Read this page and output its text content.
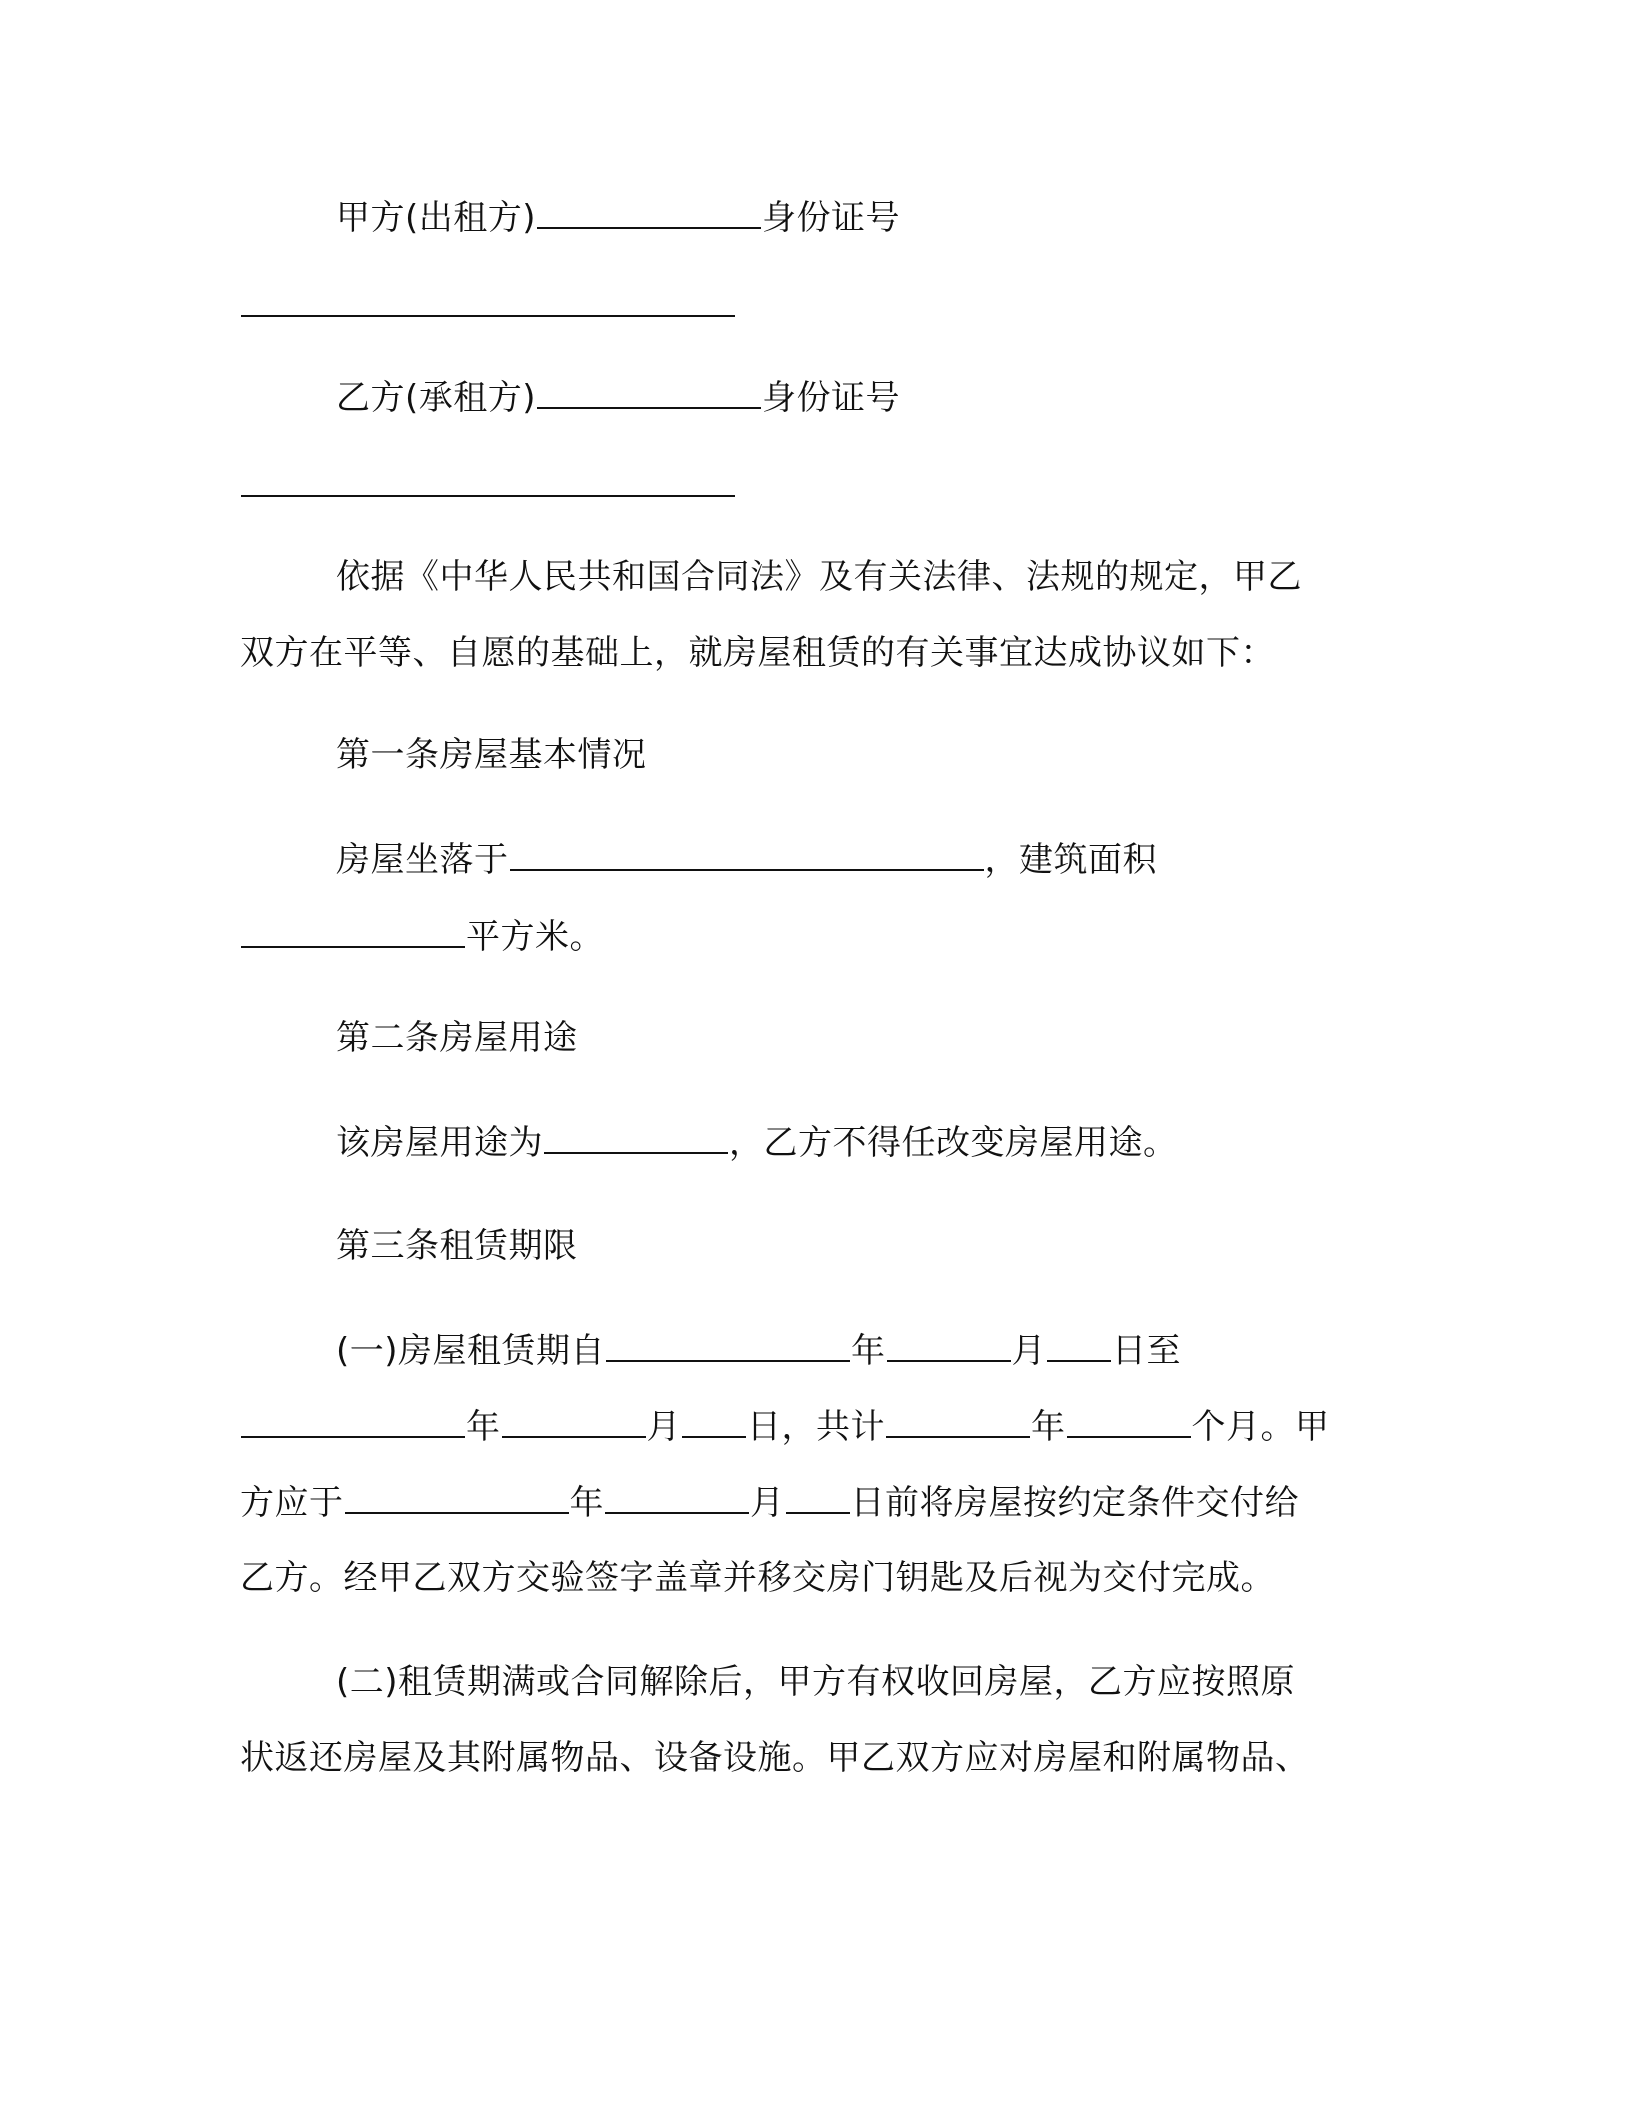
甲方(出租方)	身份证号
乙方(承租方)	身份证号
依据《中华人民共和国合同法》及有关法律、法规的规定，甲乙
双方在平等、自愿的基础上，就房屋租赁的有关事宜达成协议如下：
第一条房屋基本情况
房屋坐落于	，建筑面积
平方米。
第二条房屋用途
该房屋用途为	，乙方不得任改变房屋用途。
第三条租赁期限
(一)房屋租赁期自	年	月 日至
年	月 日，共计	年	个月。甲
方应于	年	月 日前将房屋按约定条件交付给
乙方。经甲乙双方交验签字盖章并移交房门钥匙及后视为交付完成。
(二)租赁期满或合同解除后，甲方有权收回房屋，乙方应按照原
状返还房屋及其附属物品、设备设施。甲乙双方应对房屋和附属物品、
